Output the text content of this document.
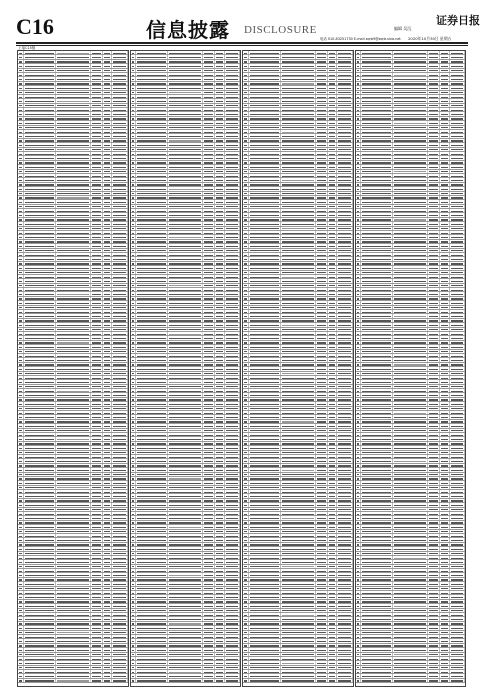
C16	信息披露 DISCLOSURE
证券日报
编辑 吴沉
电话 010-83251730 E-mail zqrb9@zqrb.sina.net 2020年10月30日 星期五
上接C15版
